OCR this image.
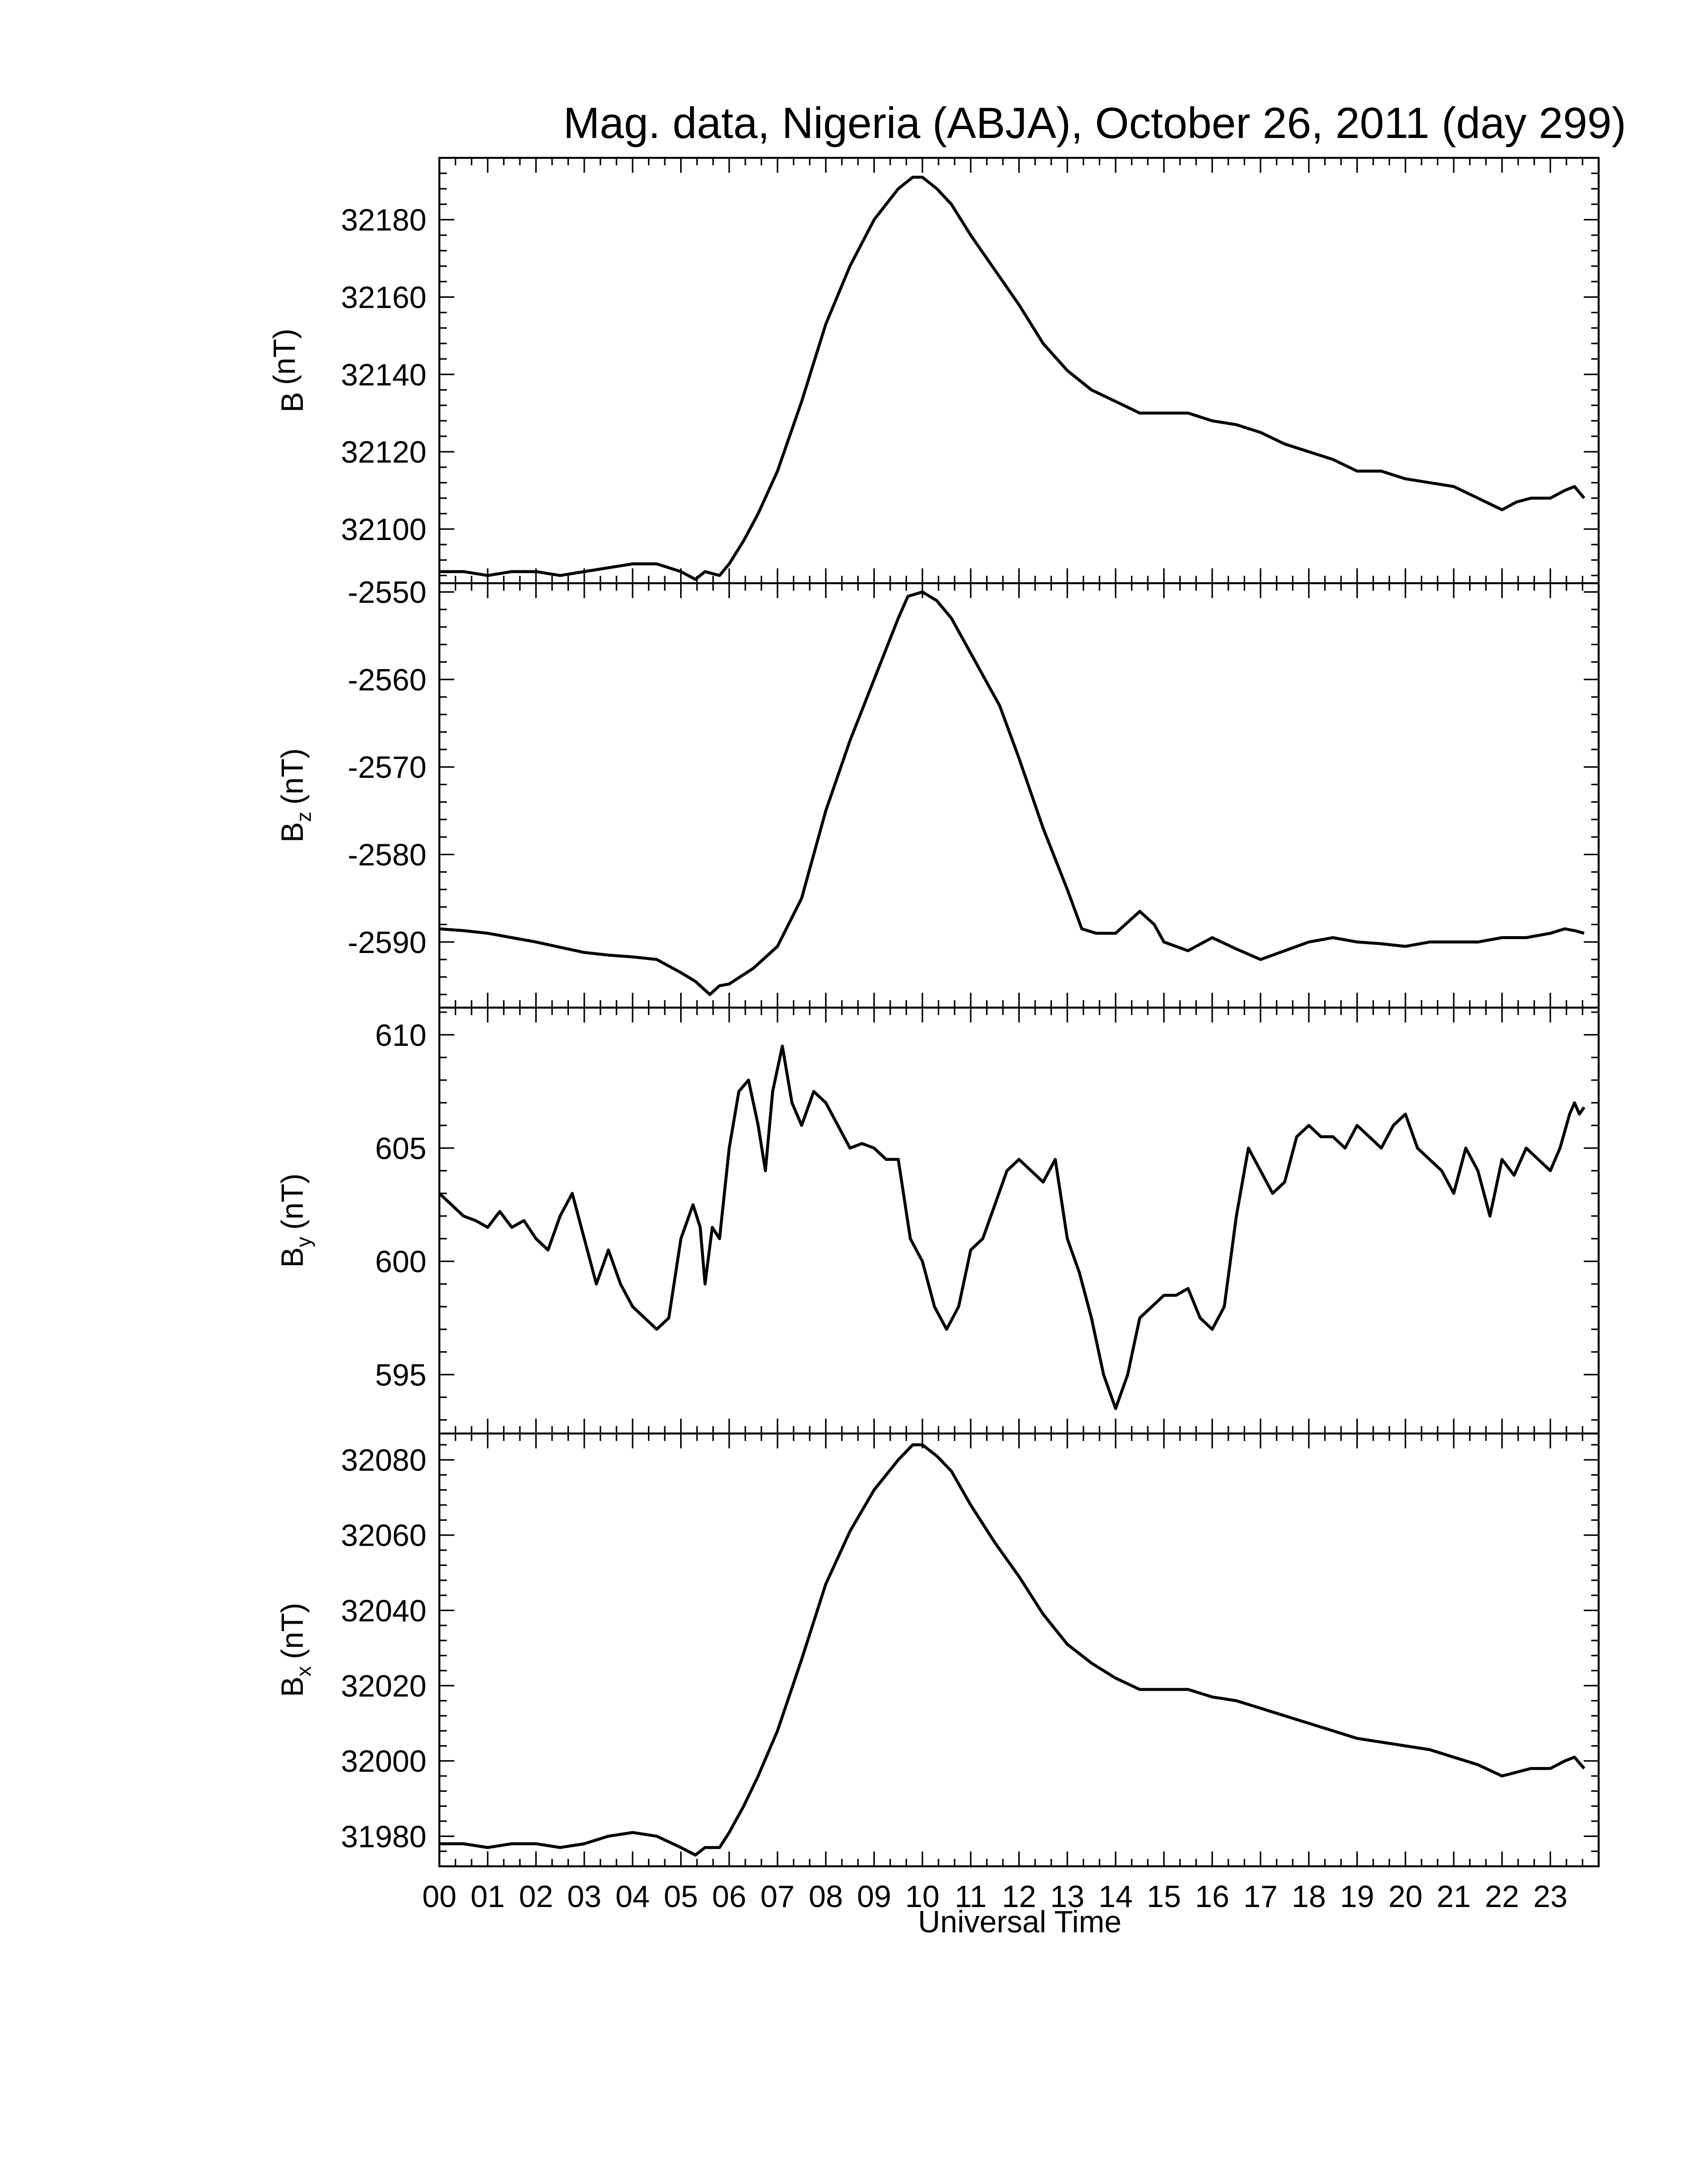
Mag. data, Nigeria (ABJA), October 26, 2011 (day 299)
32100
32120
32140
32160
32180
B(nT)
-2590
-2580
-2570
-2560
-2550
$B_z(nT)$
595
600
605
610
$B_y(nT)$
31980
32000
32020
32040
32060
32080
$B_x(nT)$
00 01 02 03 04 05 06 07 08 09 10 11 12 13 14 15 16 17 18 19 20 21 22 23
Universal Time
